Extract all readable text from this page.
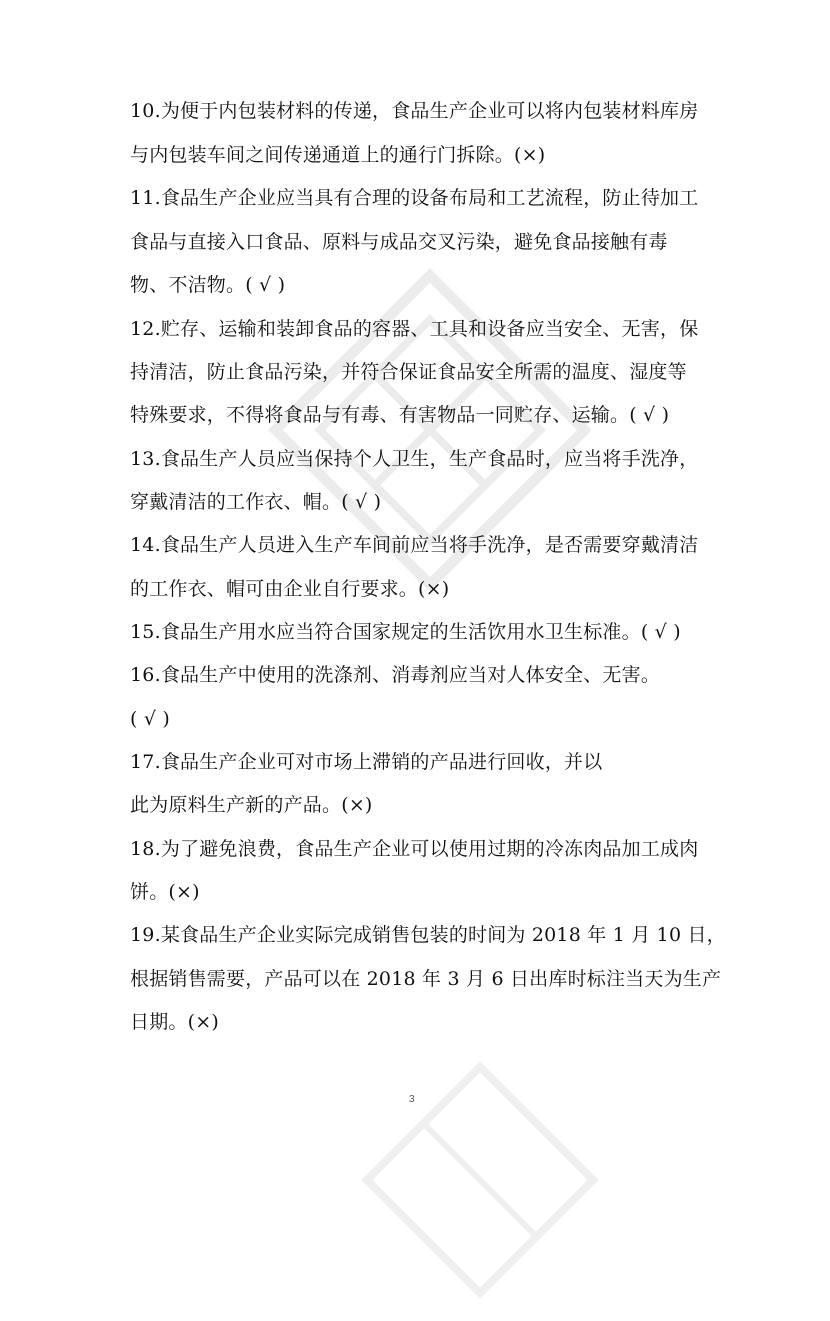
10.为便于内包装材料的传递，食品生产企业可以将内包装材料库房
与内包装车间之间传递通道上的通行门拆除。(×)
11.食品生产企业应当具有合理的设备布局和工艺流程，防止待加工
食品与直接入口食品、原料与成品交叉污染，避免食品接触有毒
物、不洁物。( √ )
12.贮存、运输和装卸食品的容器、工具和设备应当安全、无害，保
持清洁，防止食品污染，并符合保证食品安全所需的温度、湿度等
特殊要求，不得将食品与有毒、有害物品一同贮存、运输。( √ )
13.食品生产人员应当保持个人卫生，生产食品时，应当将手洗净，
穿戴清洁的工作衣、帽。( √ )
14.食品生产人员进入生产车间前应当将手洗净，是否需要穿戴清洁
的工作衣、帽可由企业自行要求。(×)
15.食品生产用水应当符合国家规定的生活饮用水卫生标准。( √ )
16.食品生产中使用的洗涤剂、消毒剂应当对人体安全、无害。
( √ )
17.食品生产企业可对市场上滞销的产品进行回收，并以
此为原料生产新的产品。(×)
18.为了避免浪费，食品生产企业可以使用过期的冷冻肉品加工成肉
饼。(×)
19.某食品生产企业实际完成销售包装的时间为 2018 年 1 月 10 日，
根据销售需要，产品可以在 2018 年 3 月 6 日出库时标注当天为生产
日期。(×)
3
